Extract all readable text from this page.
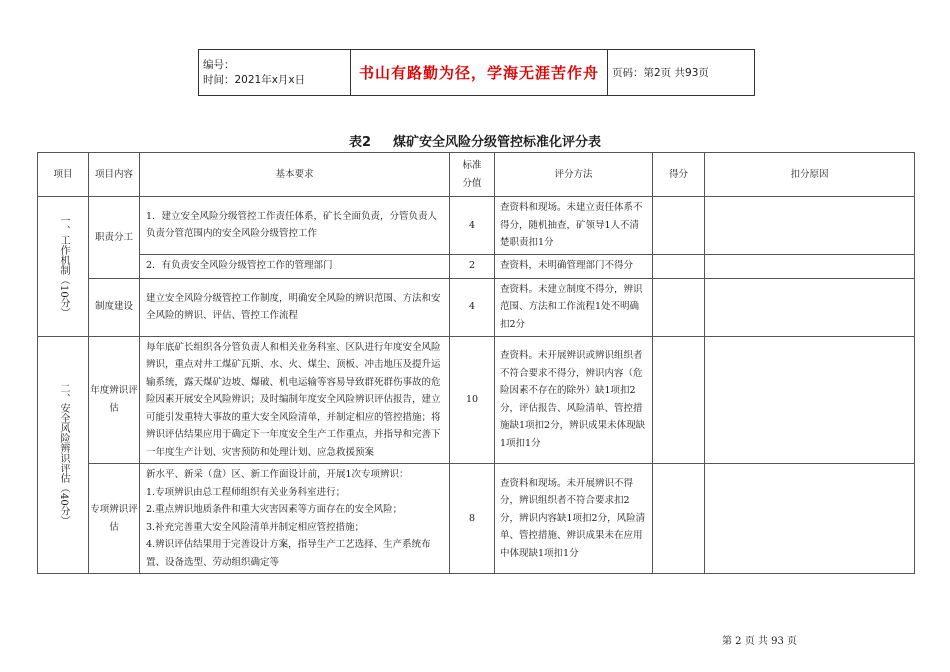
编号：
时间：2021年x月x日	书山有路勤为径，学海无涯苦作舟	页码：第2页 共93页
表2 煤矿安全风险分级管控标准化评分表
项目	项目内容	基本要求	标准分值	评分方法	得分	扣分原因

一、工作机制（10分）	职责分工	1．建立安全风险分级管控工作责任体系，矿长全面负责，分管负责人负责分管范围内的安全风险分级管控工作	4	查资料和现场。未建立责任体系不得分，随机抽查，矿领导1人不清楚职责扣1分		
		2．有负责安全风险分级管控工作的管理部门	2	查资料，未明确管理部门不得分		
	制度建设	建立安全风险分级管控工作制度，明确安全风险的辨识范围、方法和安全风险的辨识、评估、管控工作流程	4	查资料。未建立制度不得分，辨识范围、方法和工作流程1处不明确扣2分		

二、安全风险辨识评估（40分）	年度辨识评估	每年底矿长组织各分管负责人和相关业务科室、区队进行年度安全风险辨识，重点对井工煤矿瓦斯、水、火、煤尘、顶板、冲击地压及提升运输系统，露天煤矿边坡、爆破、机电运输等容易导致群死群伤事故的危险因素开展安全风险辨识；及时编制年度安全风险辨识评估报告，建立可能引发重特大事故的重大安全风险清单，并制定相应的管控措施；将辨识评估结果应用于确定下一年度安全生产工作重点，并指导和完善下一年度生产计划、灾害预防和处理计划、应急救援预案	10	查资料。未开展辨识或辨识组织者不符合要求不得分，辨识内容（危险因素不存在的除外）缺1项扣2分，评估报告、风险清单、管控措施缺1项扣2分，辨识成果未体现缺1项扣1分		
	专项辨识评估	新水平、新采（盘）区、新工作面设计前，开展1次专项辨识：
1.专项辨识由总工程师组织有关业务科室进行；
2.重点辨识地质条件和重大灾害因素等方面存在的安全风险；
3.补充完善重大安全风险清单并制定相应管控措施；
4.辨识评估结果用于完善设计方案，指导生产工艺选择、生产系统布置、设备选型、劳动组织确定等	8	查资料和现场。未开展辨识不得分，辨识组织者不符合要求扣2分，辨识内容缺1项扣2分，风险清单、管控措施、辨识成果未在应用中体现缺1项扣1分		
第 2 页 共 93 页
